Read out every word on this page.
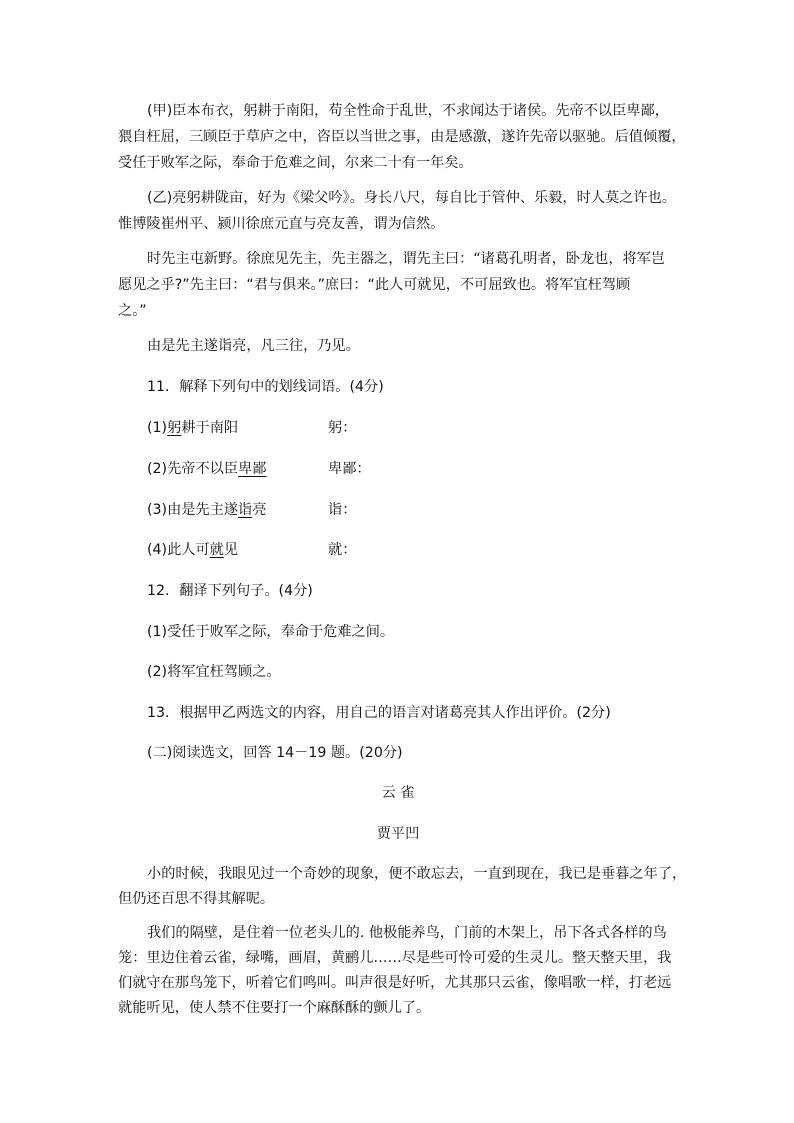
(甲)臣本布衣，躬耕于南阳，苟全性命于乱世，不求闻达于诸侯。先帝不以臣卑鄙，

猥自枉屈，三顾臣于草庐之中，咨臣以当世之事，由是感激，遂许先帝以驱驰。后值倾覆，

受任于败军之际，奉命于危难之间，尔来二十有一年矣。

(乙)亮躬耕陇亩，好为《梁父吟》。身长八尺，每自比于管仲、乐毅，时人莫之许也。

惟博陵崔州平、颍川徐庶元直与亮友善，谓为信然。

时先主屯新野。徐庶见先主，先主器之，谓先主曰：“诸葛孔明者，卧龙也，将军岂

愿见之乎?”先主曰：“君与俱来。”庶曰：“此人可就见，不可屈致也。将军宜枉驾顾

之。”

由是先主遂诣亮，凡三往，乃见。

11．解释下列句中的划线词语。(4分)

(1)躬耕于南阳	躬：

(2)先帝不以臣卑鄙	卑鄙：

(3)由是先主遂诣亮	诣：

(4)此人可就见	就：

12．翻译下列句子。(4分)

(1)受任于败军之际，奉命于危难之间。

(2)将军宜枉驾顾之。

13．根据甲乙两选文的内容，用自己的语言对诸葛亮其人作出评价。(2分)

(二)阅读选文，回答 14－19 题。(20分)

云 雀

贾平凹

小的时候，我眼见过一个奇妙的现象，便不敢忘去，一直到现在，我已是垂暮之年了，

但仍还百思不得其解呢。

我们的隔壁，是住着一位老头儿的. 他极能养鸟，门前的木架上，吊下各式各样的鸟

笼：里边住着云雀，绿嘴，画眉，黄鹂儿……尽是些可怜可爱的生灵儿。整天整天里，我

们就守在那鸟笼下，听着它们鸣叫。叫声很是好听，尤其那只云雀，像唱歌一样，打老远

就能听见，使人禁不住要打一个麻酥酥的颤儿了。
